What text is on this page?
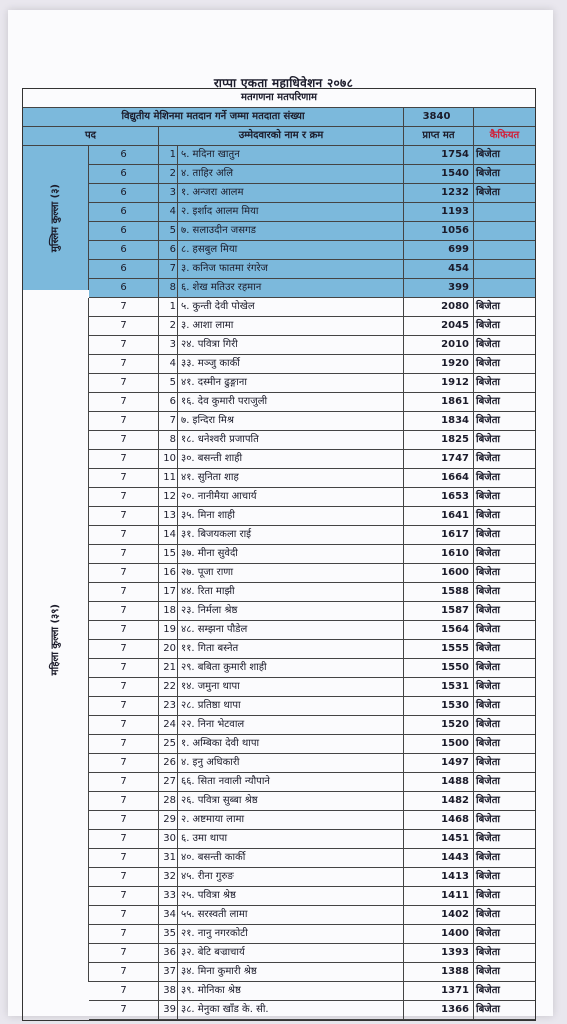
राप्पा एकता महाधिवेशन २०७८
मतगणना मतपरिणाम
विद्युतीय मेशिनमा मतदान गर्ने जम्मा मतदाता संख्या	3840
पद	उम्मेदवारको नाम र क्रम	प्राप्त मत	कैफियत
मुस्लिम कुल्ला (३)
6	1 ५. मदिना खातुन	1754 बिजेता
6	2 ४. ताहिर अलि	1540 बिजेता
6	3 १. अन्जरा आलम	1232 बिजेता
6	4 २. इर्शाद आलम मिया	1193
6	5 ७. सलाउदीन जसगड	1056
6	6 ८. हसबुल मिया	699
6	7 ३. कनिज फातमा रंगरेज	454
6	8 ६. शेख मतिउर रहमान	399
महिला कुल्ला (३९)
7	1 ५. कुन्ती देवी पोखेल	2080 बिजेता
7	2 ३. आशा लामा	2045 बिजेता
7	3 २४. पवित्रा गिरी	2010 बिजेता
7	4 ३३. मञ्जु कार्की	1920 बिजेता
7	5 ४१. दस्मीन ढुङ्गाना	1912 बिजेता
7	6 १६. देव कुमारी पराजुली	1861 बिजेता
7	7 ७. इन्दिरा मिश्र	1834 बिजेता
7	8 १८. धनेश्वरी प्रजापति	1825 बिजेता
7	10 ३०. बसन्ती शाही	1747 बिजेता
7	11 ४१. सुनिता शाह	1664 बिजेता
7	12 २०. नानीमैया आचार्य	1653 बिजेता
7	13 ३५. मिना शाही	1641 बिजेता
7	14 ३१. बिजयकला राई	1617 बिजेता
7	15 ३७. मीना सुवेदी	1610 बिजेता
7	16 २७. पूजा राणा	1600 बिजेता
7	17 ४४. रिता माझी	1588 बिजेता
7	18 २३. निर्मला श्रेष्ठ	1587 बिजेता
7	19 ४८. सम्झना पौडेल	1564 बिजेता
7	20 ११. गिता बस्नेत	1555 बिजेता
7	21 २९. बबिता कुमारी शाही	1550 बिजेता
7	22 १४. जमुना थापा	1531 बिजेता
7	23 २८. प्रतिष्ठा थापा	1530 बिजेता
7	24 २२. निना भेटवाल	1520 बिजेता
7	25 १. अम्बिका देवी थापा	1500 बिजेता
7	26 ४. इनु अधिकारी	1497 बिजेता
7	27 ६६. सिता नवाली न्यौपाने	1488 बिजेता
7	28 २६. पवित्रा सुब्बा श्रेष्ठ	1482 बिजेता
7	29 २. अष्टमाया लामा	1468 बिजेता
7	30 ६. उमा थापा	1451 बिजेता
7	31 ४०. बसन्ती कार्की	1443 बिजेता
7	32 ४५. रीना गुरुङ	1413 बिजेता
7	33 २५. पवित्रा श्रेष्ठ	1411 बिजेता
7	34 ५५. सरस्वती लामा	1402 बिजेता
7	35 २१. नानु नगरकोटी	1400 बिजेता
7	36 ३२. बेटि बज्राचार्य	1393 बिजेता
7	37 ३४. मिना कुमारी श्रेष्ठ	1388 बिजेता
7	38 ३९. मोनिका श्रेष्ठ	1371 बिजेता
7	39 ३८. मेनुका खाँड के. सी.	1366 बिजेता
